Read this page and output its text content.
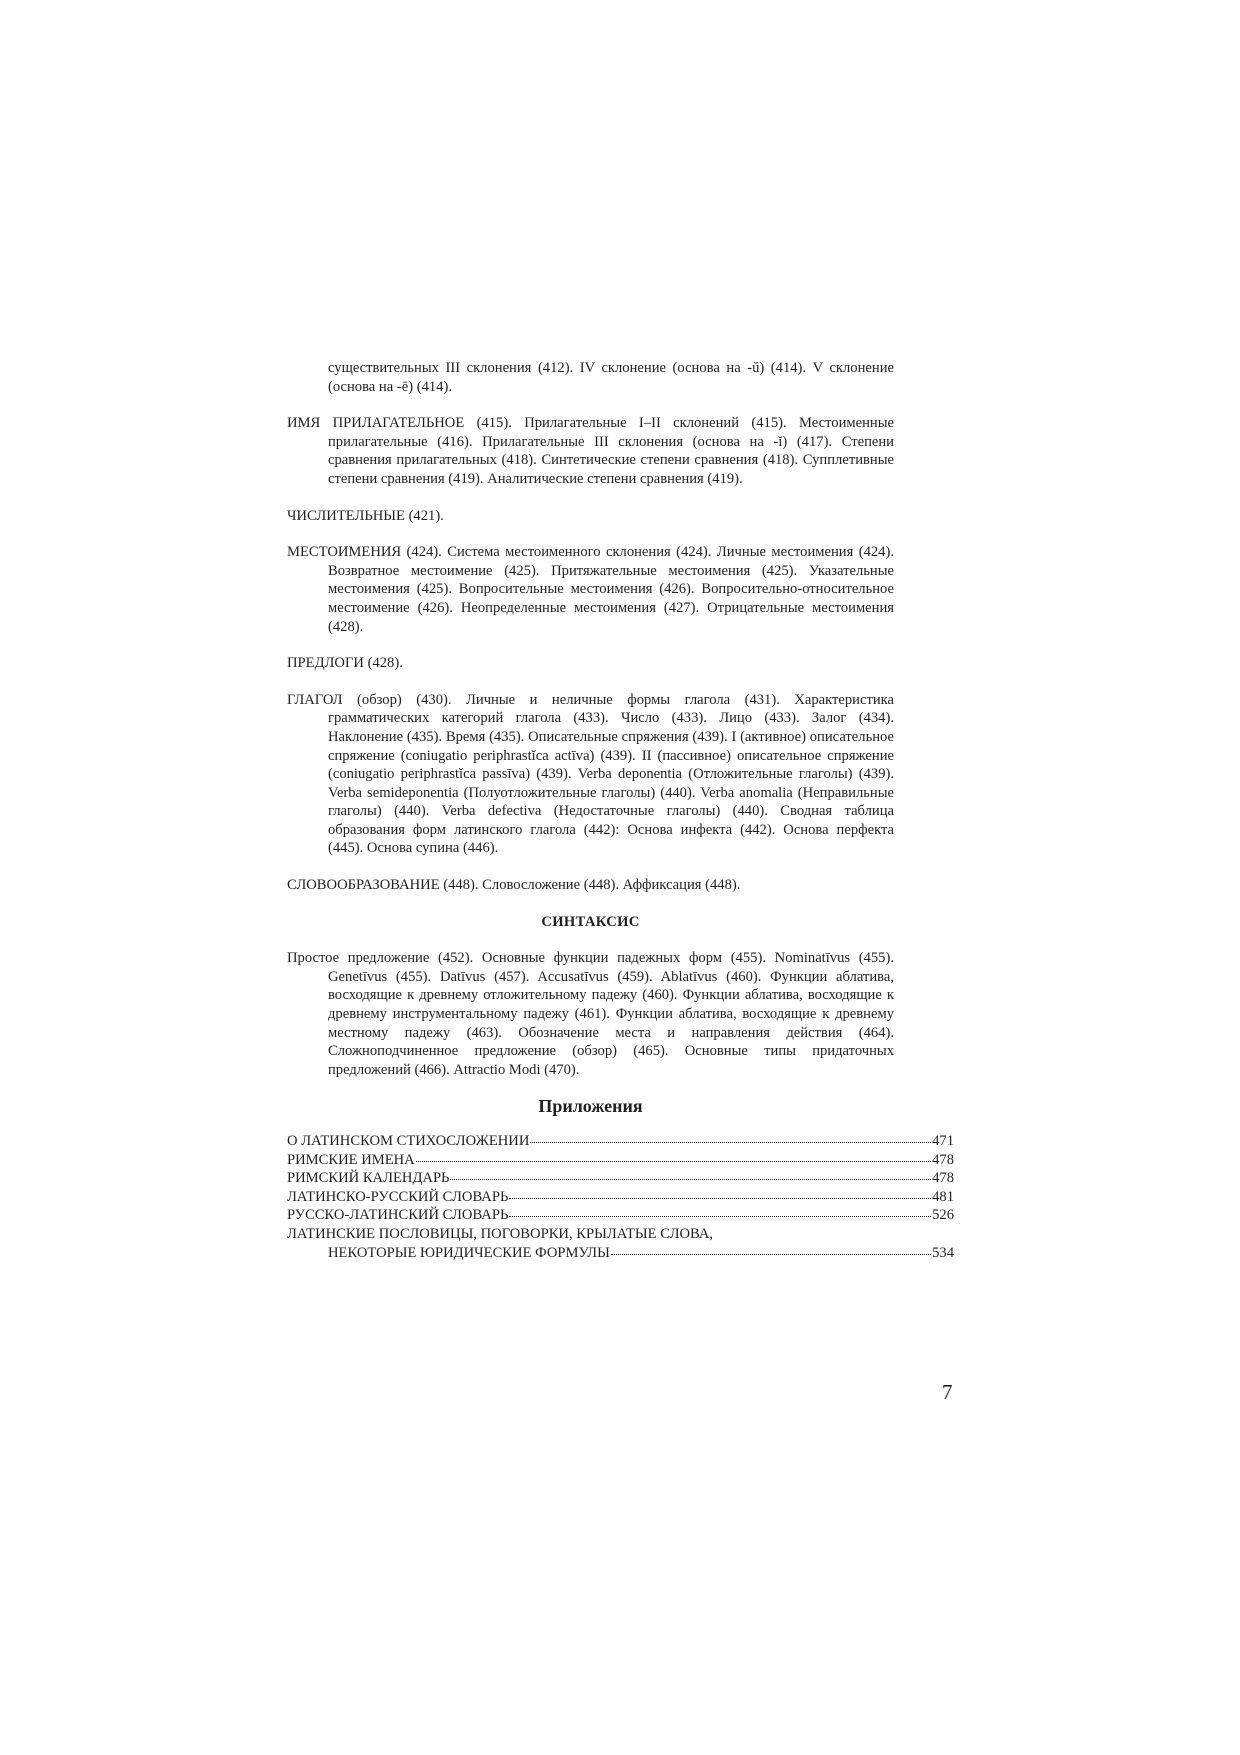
существительных III склонения (412). IV склонение (основа на -ŭ) (414). V склонение (основа на -ē) (414).

ИМЯ ПРИЛАГАТЕЛЬНОЕ (415). Прилагательные I–II склонений (415). Местоименные прилагательные (416). Прилагательные III склонения (основа на -ĭ) (417). Степени сравнения прилагательных (418). Синтетические степени сравнения (418). Супплетивные степени сравнения (419). Аналитические степени сравнения (419).

ЧИСЛИТЕЛЬНЫЕ (421).

МЕСТОИМЕНИЯ (424). Система местоименного склонения (424). Личные местоимения (424). Возвратное местоимение (425). Притяжательные местоимения (425). Указательные местоимения (425). Вопросительные местоимения (426). Вопросительно-относительное местоимение (426). Неопределенные местоимения (427). Отрицательные местоимения (428).

ПРЕДЛОГИ (428).

ГЛАГОЛ (обзор) (430). Личные и неличные формы глагола (431). Характеристика грамматических категорий глагола (433). Число (433). Лицо (433). Залог (434). Наклонение (435). Время (435). Описательные спряжения (439). I (активное) описательное спряжение (coniugatio periphrastĭca actīva) (439). II (пассивное) описательное спряжение (coniugatio periphrastĭca passīva) (439). Verba deponentia (Отложительные глаголы) (439). Verba semideponentia (Полуотложительные глаголы) (440). Verba anomalia (Неправильные глаголы) (440). Verba defectiva (Недостаточные глаголы) (440). Сводная таблица образования форм латинского глагола (442): Основа инфекта (442). Основа перфекта (445). Основа супина (446).

СЛОВООБРАЗОВАНИЕ (448). Словосложение (448). Аффиксация (448).

СИНТАКСИС

Простое предложение (452). Основные функции падежных форм (455). Nominatīvus (455). Genetīvus (455). Datīvus (457). Accusatīvus (459). Ablatīvus (460). Функции аблатива, восходящие к древнему отложительному падежу (460). Функции аблатива, восходящие к древнему инструментальному падежу (461). Функции аблатива, восходящие к древнему местному падежу (463). Обозначение места и направления действия (464). Сложноподчиненное предложение (обзор) (465). Основные типы придаточных предложений (466). Attractio Modi (470).

Приложения
О ЛАТИНСКОМ СТИХОСЛОЖЕНИИ	471
РИМСКИЕ ИМЕНА	478
РИМСКИЙ КАЛЕНДАРЬ	478
ЛАТИНСКО-РУССКИЙ СЛОВАРЬ	481
РУССКО-ЛАТИНСКИЙ СЛОВАРЬ	526
ЛАТИНСКИЕ ПОСЛОВИЦЫ, ПОГОВОРКИ, КРЫЛАТЫЕ СЛОВА,
НЕКОТОРЫЕ ЮРИДИЧЕСКИЕ ФОРМУЛЫ	534
7
